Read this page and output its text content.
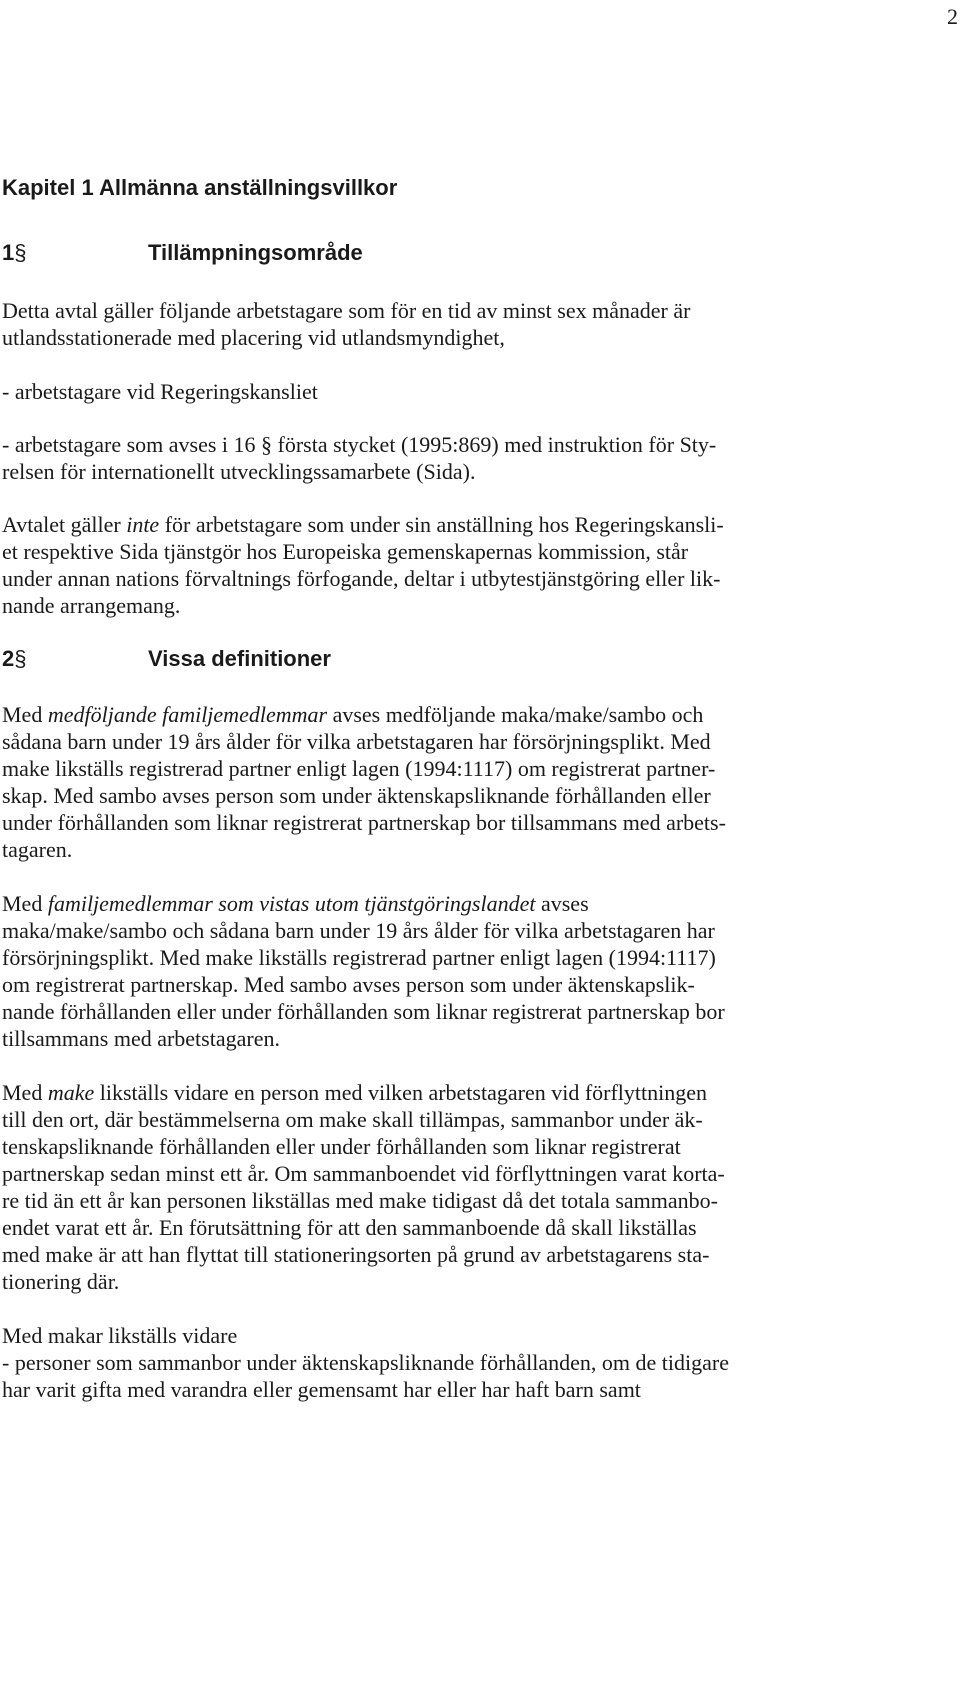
2
Kapitel 1 Allmänna anställningsvillkor
1§	Tillämpningsområde
Detta avtal gäller följande arbetstagare som för en tid av minst sex månader är
utlandsstationerade med placering vid utlandsmyndighet,
- arbetstagare vid Regeringskansliet
- arbetstagare som avses i 16 § första stycket (1995:869) med instruktion för Sty-
relsen för internationellt utvecklingssamarbete (Sida).
Avtalet gäller inte för arbetstagare som under sin anställning hos Regeringskansli-
et respektive Sida tjänstgör hos Europeiska gemenskapernas kommission, står
under annan nations förvaltnings förfogande, deltar i utbytestjänstgöring eller lik-
nande arrangemang.
2§	Vissa definitioner
Med medföljande familjemedlemmar avses medföljande maka/make/sambo och
sådana barn under 19 års ålder för vilka arbetstagaren har försörjningsplikt. Med
make likställs registrerad partner enligt lagen (1994:1117) om registrerat partner-
skap. Med sambo avses person som under äktenskapsliknande förhållanden eller
under förhållanden som liknar registrerat partnerskap bor tillsammans med arbets-
tagaren.
Med familjemedlemmar som vistas utom tjänstgöringslandet avses
maka/make/sambo och sådana barn under 19 års ålder för vilka arbetstagaren har
försörjningsplikt. Med make likställs registrerad partner enligt lagen (1994:1117)
om registrerat partnerskap. Med sambo avses person som under äktenskapslik-
nande förhållanden eller under förhållanden som liknar registrerat partnerskap bor
tillsammans med arbetstagaren.
Med make likställs vidare en person med vilken arbetstagaren vid förflyttningen
till den ort, där bestämmelserna om make skall tillämpas, sammanbor under äk-
tenskapsliknande förhållanden eller under förhållanden som liknar registrerat
partnerskap sedan minst ett år. Om sammanboendet vid förflyttningen varat korta-
re tid än ett år kan personen likställas med make tidigast då det totala sammanbo-
endet varat ett år. En förutsättning för att den sammanboende då skall likställas
med make är att han flyttat till stationeringsorten på grund av arbetstagarens sta-
tionering där.
Med makar likställs vidare
- personer som sammanbor under äktenskapsliknande förhållanden, om de tidigare
har varit gifta med varandra eller gemensamt har eller har haft barn samt
